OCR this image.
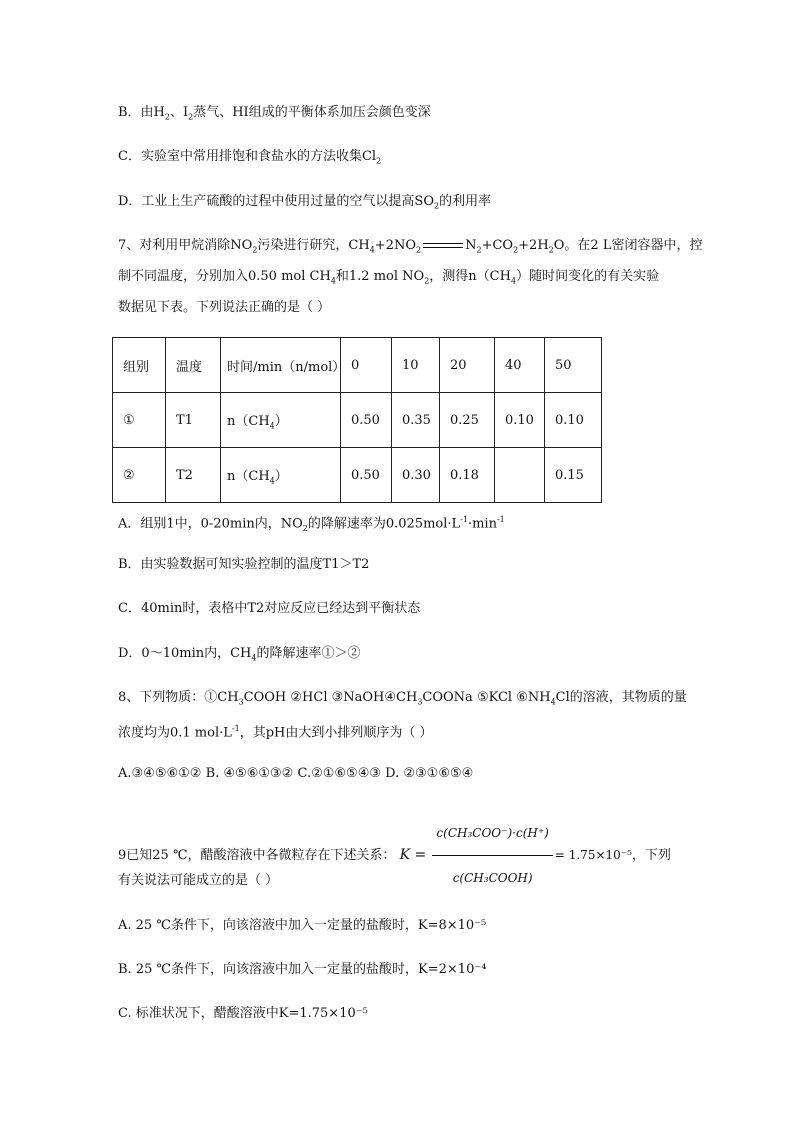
B．由$H_2$、$I_2$蒸气、HI组成的平衡体系加压会颜色变深
C．实验室中常用排饱和食盐水的方法收集$Cl_2$
D．工业上生产硫酸的过程中使用过量的空气以提高$SO_2$的利用率
7、对利用甲烷消除$NO_2$污染进行研究，$CH_4+2NO_2$	$N_2+CO_2+2H_2O$。在2 L密闭容器中，控
制不同温度，分别加入0.50 mol $CH_4$和1.2 mol $NO_2$，测得$n(CH_4)$随时间变化的有关实验
数据见下表。下列说法正确的是（ ）
组别	温度	时间/min（n/mol）	0	10	20	40	50
①	T1	$n(CH_4)$	0.50	0.35	0.25	0.10	0.10
②	T2	$n(CH_4)$	0.50	0.30	0.18		0.15
A．组别1中，0-20min内，$NO_2$的降解速率为$0.025mol\cdot L^{-1}\cdot\min^{-1}$
B．由实验数据可知实验控制的温度T1＞T2
C．40min时，表格中T2对应反应已经达到平衡状态
D．0～10min内，$CH_4$的降解速率①＞②
8、下列物质：$①CH_3COOH$ ②HCl $③NaOH④CH_3COONa$ ⑤KCl $⑥NH_4Cl$的溶液，其物质的量
浓度均为0.1 $mol\cdot L^{-1}$，其pH由大到小排列顺序为（ ）
A.③④⑤⑥①② B. ④⑤⑥①③② C.②①⑥⑤④③ D. ②③①⑥⑤④
9已知25 ℃，醋酸溶液中各微粒存在下述关系： $K = \frac{\text{c(CH₃COO⁻)·c(H⁺)}}{\text{c(CH₃COOH)}} = 1.75\times 10^{-5}$，下列
有关说法可能成立的是（ ）
A. 25 ℃条件下，向该溶液中加入一定量的盐酸时，K=8×10⁻⁵
B. 25 ℃条件下，向该溶液中加入一定量的盐酸时，K=2×10⁻⁴
C. 标准状况下，醋酸溶液中K=1.75×10⁻⁵
